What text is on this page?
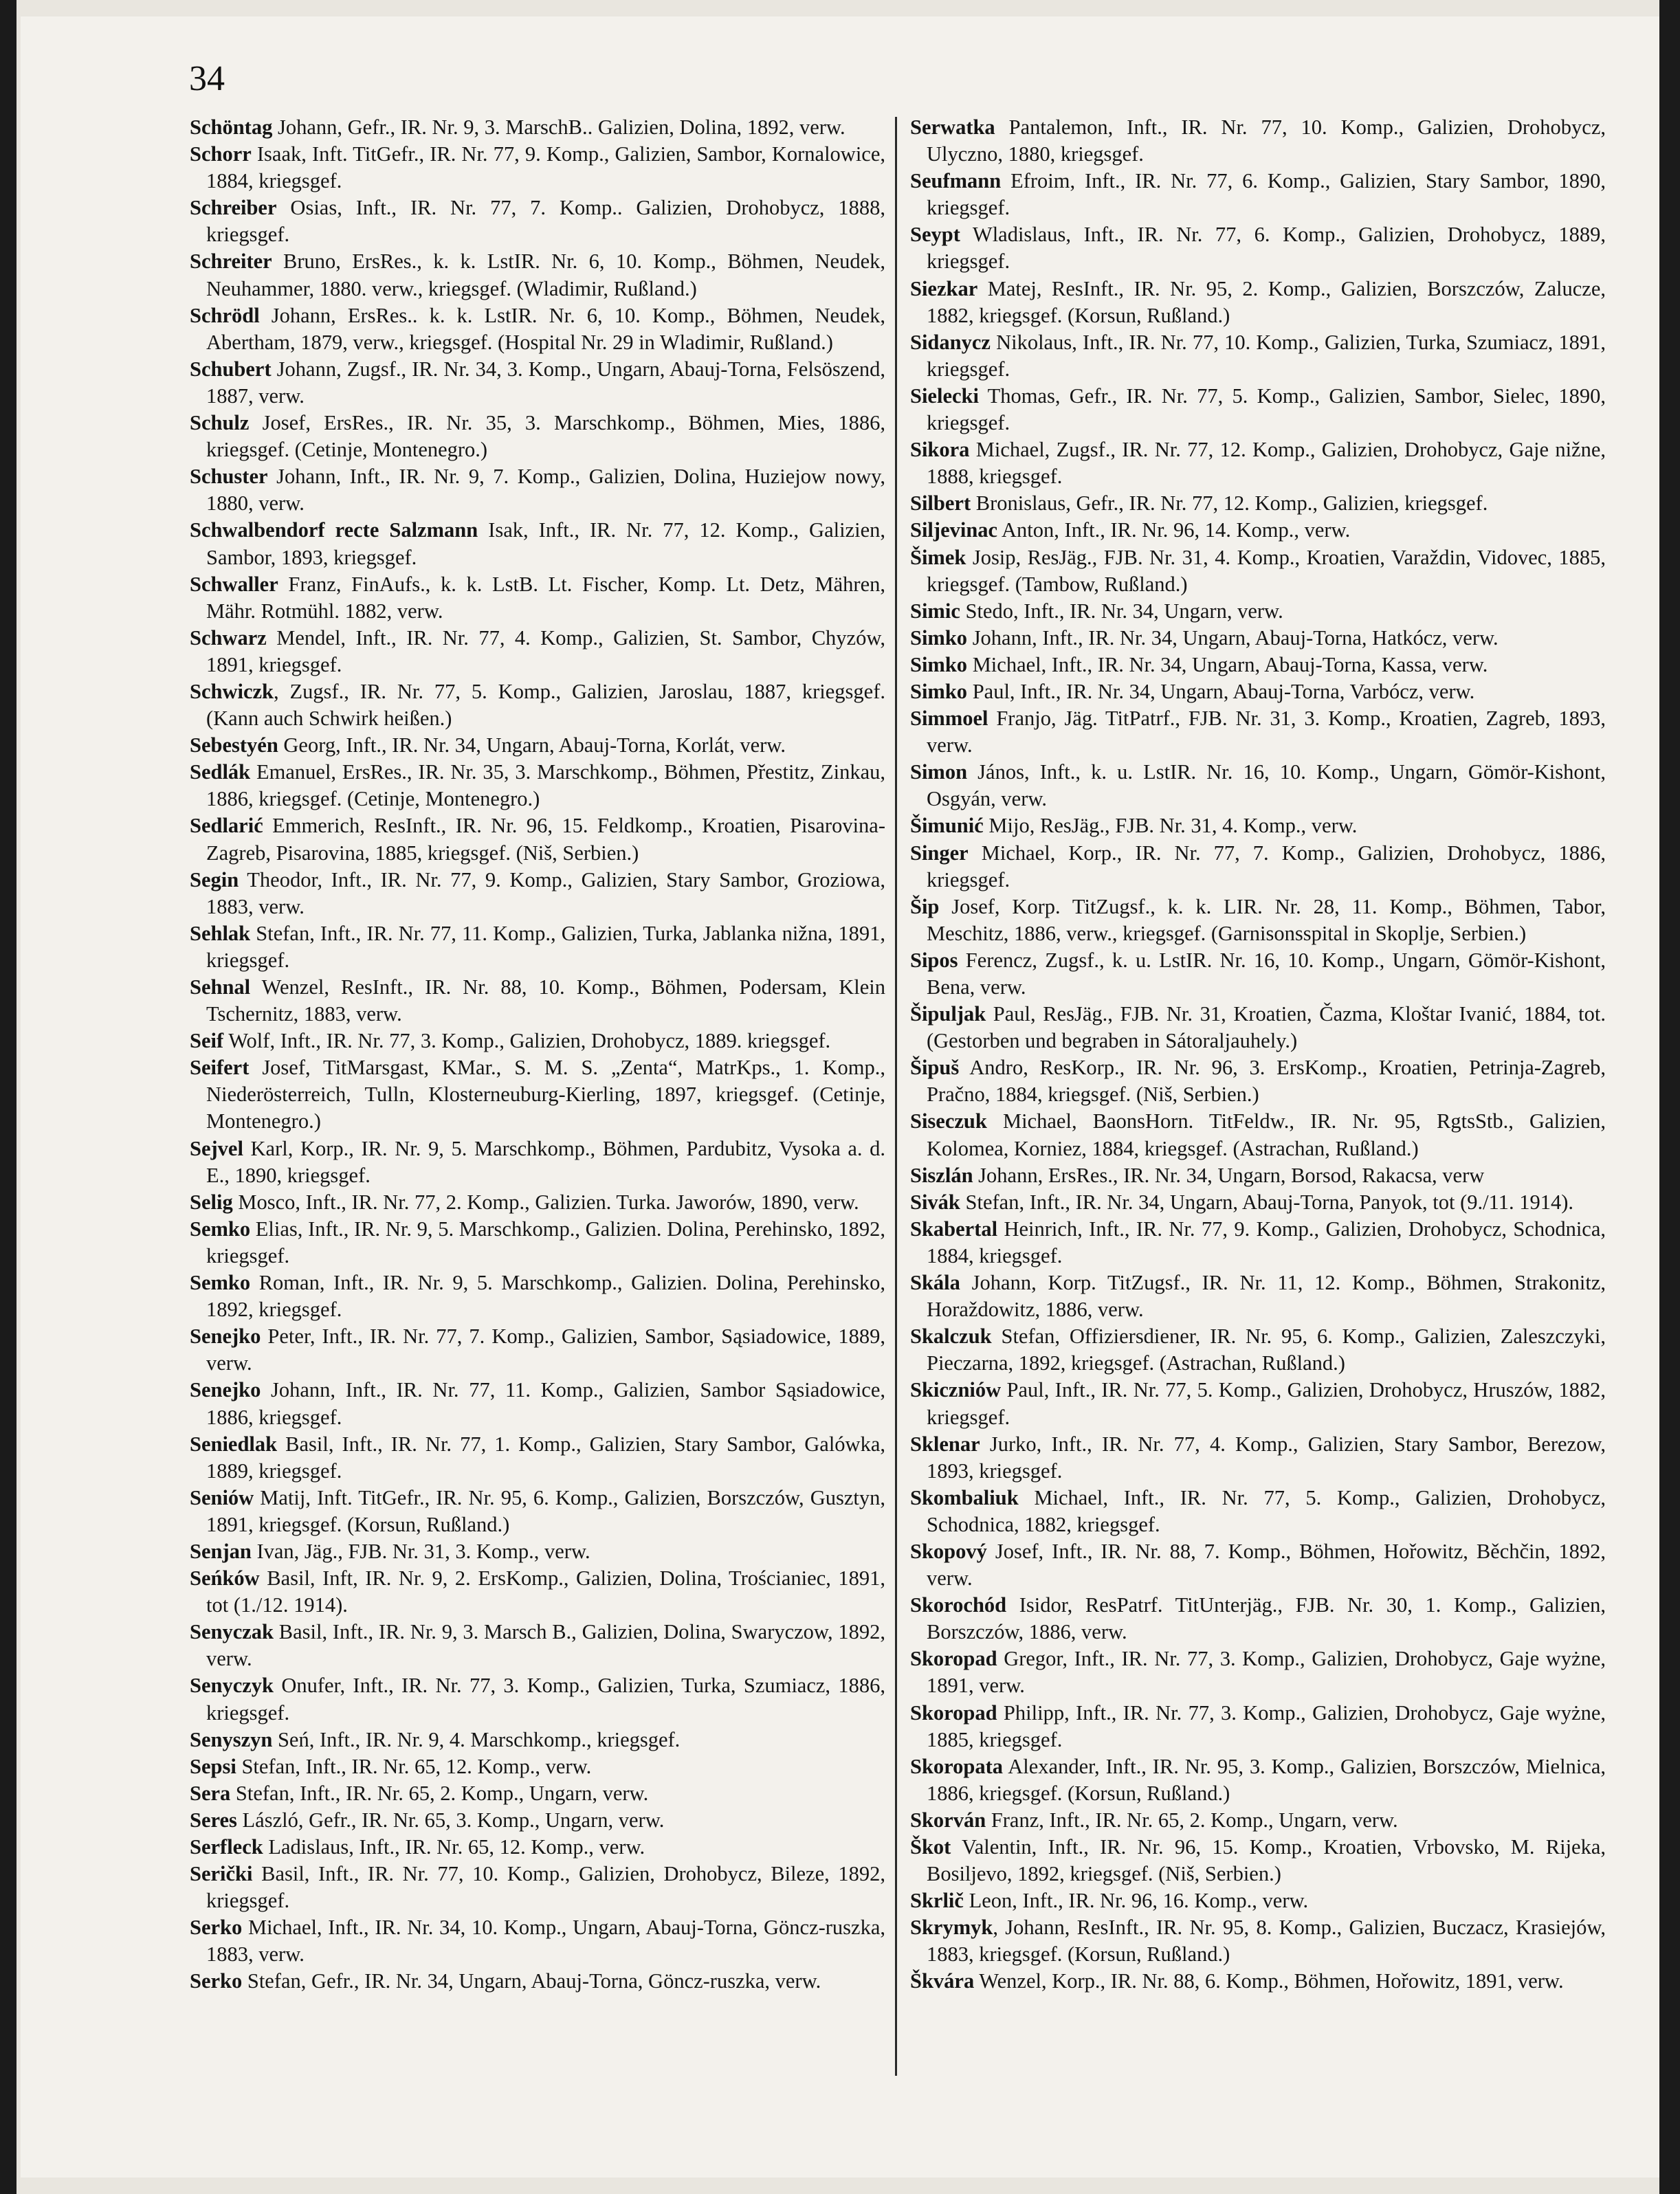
34

Schöntag Johann, Gefr., IR. Nr. 9, 3. MarschB.. Galizien, Dolina, 1892, verw.

Schorr Isaak, Inft. TitGefr., IR. Nr. 77, 9. Komp., Galizien, Sambor, Kornalowice, 1884, kriegsgef.

Schreiber Osias, Inft., IR. Nr. 77, 7. Komp.. Galizien, Drohobycz, 1888, kriegsgef.

Schreiter Bruno, ErsRes., k. k. LstIR. Nr. 6, 10. Komp., Böhmen, Neudek, Neuhammer, 1880. verw., kriegsgef. (Wladimir, Rußland.)

Schrödl Johann, ErsRes.. k. k. LstIR. Nr. 6, 10. Komp., Böhmen, Neudek, Abertham, 1879, verw., kriegsgef. (Hospital Nr. 29 in Wladimir, Rußland.)

Schubert Johann, Zugsf., IR. Nr. 34, 3. Komp., Ungarn, Abauj-Torna, Felsöszend, 1887, verw.

Schulz Josef, ErsRes., IR. Nr. 35, 3. Marschkomp., Böhmen, Mies, 1886, kriegsgef. (Cetinje, Montenegro.)

Schuster Johann, Inft., IR. Nr. 9, 7. Komp., Galizien, Dolina, Huziejow nowy, 1880, verw.

Schwalbendorf recte Salzmann Isak, Inft., IR. Nr. 77, 12. Komp., Galizien, Sambor, 1893, kriegsgef.

Schwaller Franz, FinAufs., k. k. LstB. Lt. Fischer, Komp. Lt. Detz, Mähren, Mähr. Rotmühl. 1882, verw.

Schwarz Mendel, Inft., IR. Nr. 77, 4. Komp., Galizien, St. Sambor, Chyzów, 1891, kriegsgef.

Schwiczk, Zugsf., IR. Nr. 77, 5. Komp., Galizien, Jaroslau, 1887, kriegsgef. (Kann auch Schwirk heißen.)

Sebestyén Georg, Inft., IR. Nr. 34, Ungarn, Abauj-Torna, Korlát, verw.

Sedlák Emanuel, ErsRes., IR. Nr. 35, 3. Marschkomp., Böhmen, Přestitz, Zinkau, 1886, kriegsgef. (Cetinje, Montenegro.)

Sedlarić Emmerich, ResInft., IR. Nr. 96, 15. Feldkomp., Kroatien, Pisarovina-Zagreb, Pisarovina, 1885, kriegsgef. (Niš, Serbien.)

Segin Theodor, Inft., IR. Nr. 77, 9. Komp., Galizien, Stary Sambor, Groziowa, 1883, verw.

Sehlak Stefan, Inft., IR. Nr. 77, 11. Komp., Galizien, Turka, Jablanka nižna, 1891, kriegsgef.

Sehnal Wenzel, ResInft., IR. Nr. 88, 10. Komp., Böhmen, Podersam, Klein Tschernitz, 1883, verw.

Seif Wolf, Inft., IR. Nr. 77, 3. Komp., Galizien, Drohobycz, 1889. kriegsgef.

Seifert Josef, TitMarsgast, KMar., S. M. S. „Zenta“, MatrKps., 1. Komp., Niederösterreich, Tulln, Klosterneuburg-Kierling, 1897, kriegsgef. (Cetinje, Montenegro.)

Sejvel Karl, Korp., IR. Nr. 9, 5. Marschkomp., Böhmen, Pardubitz, Vysoka a. d. E., 1890, kriegsgef.

Selig Mosco, Inft., IR. Nr. 77, 2. Komp., Galizien. Turka. Jaworów, 1890, verw.

Semko Elias, Inft., IR. Nr. 9, 5. Marschkomp., Galizien. Dolina, Perehinsko, 1892, kriegsgef.

Semko Roman, Inft., IR. Nr. 9, 5. Marschkomp., Galizien. Dolina, Perehinsko, 1892, kriegsgef.

Senejko Peter, Inft., IR. Nr. 77, 7. Komp., Galizien, Sambor, Sąsiadowice, 1889, verw.

Senejko Johann, Inft., IR. Nr. 77, 11. Komp., Galizien, Sambor Sąsiadowice, 1886, kriegsgef.

Seniedlak Basil, Inft., IR. Nr. 77, 1. Komp., Galizien, Stary Sambor, Galówka, 1889, kriegsgef.

Seniów Matij, Inft. TitGefr., IR. Nr. 95, 6. Komp., Galizien, Borszczów, Gusztyn, 1891, kriegsgef. (Korsun, Rußland.)

Senjan Ivan, Jäg., FJB. Nr. 31, 3. Komp., verw.

Seńków Basil, Inft, IR. Nr. 9, 2. ErsKomp., Galizien, Dolina, Trościaniec, 1891, tot (1./12. 1914).

Senyczak Basil, Inft., IR. Nr. 9, 3. Marsch B., Galizien, Dolina, Swaryczow, 1892, verw.

Senyczyk Onufer, Inft., IR. Nr. 77, 3. Komp., Galizien, Turka, Szumiacz, 1886, kriegsgef.

Senyszyn Seń, Inft., IR. Nr. 9, 4. Marschkomp., kriegsgef.

Sepsi Stefan, Inft., IR. Nr. 65, 12. Komp., verw.

Sera Stefan, Inft., IR. Nr. 65, 2. Komp., Ungarn, verw.

Seres László, Gefr., IR. Nr. 65, 3. Komp., Ungarn, verw.

Serfleck Ladislaus, Inft., IR. Nr. 65, 12. Komp., verw.

Serički Basil, Inft., IR. Nr. 77, 10. Komp., Galizien, Drohobycz, Bileze, 1892, kriegsgef.

Serko Michael, Inft., IR. Nr. 34, 10. Komp., Ungarn, Abauj-Torna, Göncz-ruszka, 1883, verw.

Serko Stefan, Gefr., IR. Nr. 34, Ungarn, Abauj-Torna, Göncz-ruszka, verw.

Serwatka Pantalemon, Inft., IR. Nr. 77, 10. Komp., Galizien, Drohobycz, Ulyczno, 1880, kriegsgef.

Seufmann Efroim, Inft., IR. Nr. 77, 6. Komp., Galizien, Stary Sambor, 1890, kriegsgef.

Seypt Wladislaus, Inft., IR. Nr. 77, 6. Komp., Galizien, Drohobycz, 1889, kriegsgef.

Siezkar Matej, ResInft., IR. Nr. 95, 2. Komp., Galizien, Borszczów, Zalucze, 1882, kriegsgef. (Korsun, Rußland.)

Sidanycz Nikolaus, Inft., IR. Nr. 77, 10. Komp., Galizien, Turka, Szumiacz, 1891, kriegsgef.

Sielecki Thomas, Gefr., IR. Nr. 77, 5. Komp., Galizien, Sambor, Sielec, 1890, kriegsgef.

Sikora Michael, Zugsf., IR. Nr. 77, 12. Komp., Galizien, Drohobycz, Gaje nižne, 1888, kriegsgef.

Silbert Bronislaus, Gefr., IR. Nr. 77, 12. Komp., Galizien, kriegsgef.

Siljevinac Anton, Inft., IR. Nr. 96, 14. Komp., verw.

Šimek Josip, ResJäg., FJB. Nr. 31, 4. Komp., Kroatien, Varaždin, Vidovec, 1885, kriegsgef. (Tambow, Rußland.)

Simic Stedo, Inft., IR. Nr. 34, Ungarn, verw.

Simko Johann, Inft., IR. Nr. 34, Ungarn, Abauj-Torna, Hatkócz, verw.

Simko Michael, Inft., IR. Nr. 34, Ungarn, Abauj-Torna, Kassa, verw.

Simko Paul, Inft., IR. Nr. 34, Ungarn, Abauj-Torna, Varbócz, verw.

Simmoel Franjo, Jäg. TitPatrf., FJB. Nr. 31, 3. Komp., Kroatien, Zagreb, 1893, verw.

Simon János, Inft., k. u. LstIR. Nr. 16, 10. Komp., Ungarn, Gömör-Kishont, Osgyán, verw.

Šimunić Mijo, ResJäg., FJB. Nr. 31, 4. Komp., verw.

Singer Michael, Korp., IR. Nr. 77, 7. Komp., Galizien, Drohobycz, 1886, kriegsgef.

Šip Josef, Korp. TitZugsf., k. k. LIR. Nr. 28, 11. Komp., Böhmen, Tabor, Meschitz, 1886, verw., kriegsgef. (Garnisonsspital in Skoplje, Serbien.)

Sipos Ferencz, Zugsf., k. u. LstIR. Nr. 16, 10. Komp., Ungarn, Gömör-Kishont, Bena, verw.

Šipuljak Paul, ResJäg., FJB. Nr. 31, Kroatien, Čazma, Kloštar Ivanić, 1884, tot. (Gestorben und begraben in Sátoraljauhely.)

Šipuš Andro, ResKorp., IR. Nr. 96, 3. ErsKomp., Kroatien, Petrinja-Zagreb, Pračno, 1884, kriegsgef. (Niš, Serbien.)

Siseczuk Michael, BaonsHorn. TitFeldw., IR. Nr. 95, RgtsStb., Galizien, Kolomea, Korniez, 1884, kriegsgef. (Astrachan, Rußland.)

Siszlán Johann, ErsRes., IR. Nr. 34, Ungarn, Borsod, Rakacsa, verw

Sivák Stefan, Inft., IR. Nr. 34, Ungarn, Abauj-Torna, Panyok, tot (9./11. 1914).

Skabertal Heinrich, Inft., IR. Nr. 77, 9. Komp., Galizien, Drohobycz, Schodnica, 1884, kriegsgef.

Skála Johann, Korp. TitZugsf., IR. Nr. 11, 12. Komp., Böhmen, Strakonitz, Horaždowitz, 1886, verw.

Skalczuk Stefan, Offiziersdiener, IR. Nr. 95, 6. Komp., Galizien, Zaleszczyki, Pieczarna, 1892, kriegsgef. (Astrachan, Rußland.)

Skiczniów Paul, Inft., IR. Nr. 77, 5. Komp., Galizien, Drohobycz, Hruszów, 1882, kriegsgef.

Sklenar Jurko, Inft., IR. Nr. 77, 4. Komp., Galizien, Stary Sambor, Berezow, 1893, kriegsgef.

Skombaliuk Michael, Inft., IR. Nr. 77, 5. Komp., Galizien, Drohobycz, Schodnica, 1882, kriegsgef.

Skopový Josef, Inft., IR. Nr. 88, 7. Komp., Böhmen, Hořowitz, Běchčin, 1892, verw.

Skorochód Isidor, ResPatrf. TitUnterjäg., FJB. Nr. 30, 1. Komp., Galizien, Borszczów, 1886, verw.

Skoropad Gregor, Inft., IR. Nr. 77, 3. Komp., Galizien, Drohobycz, Gaje wyżne, 1891, verw.

Skoropad Philipp, Inft., IR. Nr. 77, 3. Komp., Galizien, Drohobycz, Gaje wyżne, 1885, kriegsgef.

Skoropata Alexander, Inft., IR. Nr. 95, 3. Komp., Galizien, Borszczów, Mielnica, 1886, kriegsgef. (Korsun, Rußland.)

Skorván Franz, Inft., IR. Nr. 65, 2. Komp., Ungarn, verw.

Škot Valentin, Inft., IR. Nr. 96, 15. Komp., Kroatien, Vrbovsko, M. Rijeka, Bosiljevo, 1892, kriegsgef. (Niš, Serbien.)

Skrlič Leon, Inft., IR. Nr. 96, 16. Komp., verw.

Skrymyk, Johann, ResInft., IR. Nr. 95, 8. Komp., Galizien, Buczacz, Krasiejów, 1883, kriegsgef. (Korsun, Rußland.)

Škvára Wenzel, Korp., IR. Nr. 88, 6. Komp., Böhmen, Hořowitz, 1891, verw.
